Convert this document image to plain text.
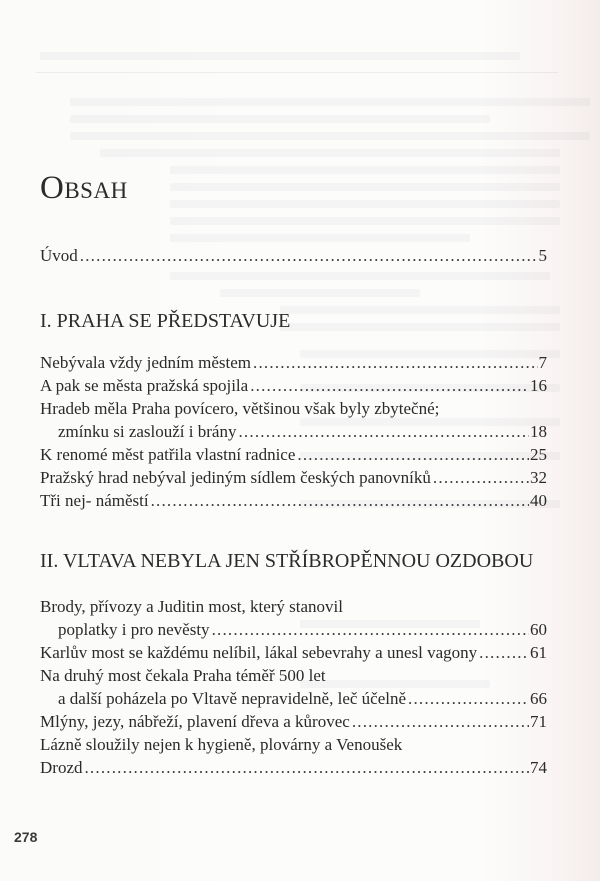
Obsah
Úvod .....	5
I. PRAHA SE PŘEDSTAVUJE
Nebývala vždy jedním městem .....	7
A pak se města pražská spojila .....	16
Hradeb měla Praha povícero, většinou však byly zbytečné;
zmínku si zaslouží i brány .....	18
K renomé měst patřila vlastní radnice .....	25
Pražský hrad nebýval jediným sídlem českých panovníků .....	32
Tři nej- náměstí .....	40
II. VLTAVA NEBYLA JEN STŘÍBROPĚNNOU OZDOBOU
Brody, přívozy a Juditin most, který stanovil
poplatky i pro nevěsty .....	60
Karlův most se každému nelíbil, lákal sebevrahy a unesl vagony .....	61
Na druhý most čekala Praha téměř 500 let
a další poházela po Vltavě nepravidelně, leč účelně .....	66
Mlýny, jezy, nábřeží, plavení dřeva a kůrovec .....	71
Lázně sloužily nejen k hygieně, plovárny a Venoušek
Drozd .....	74
278
